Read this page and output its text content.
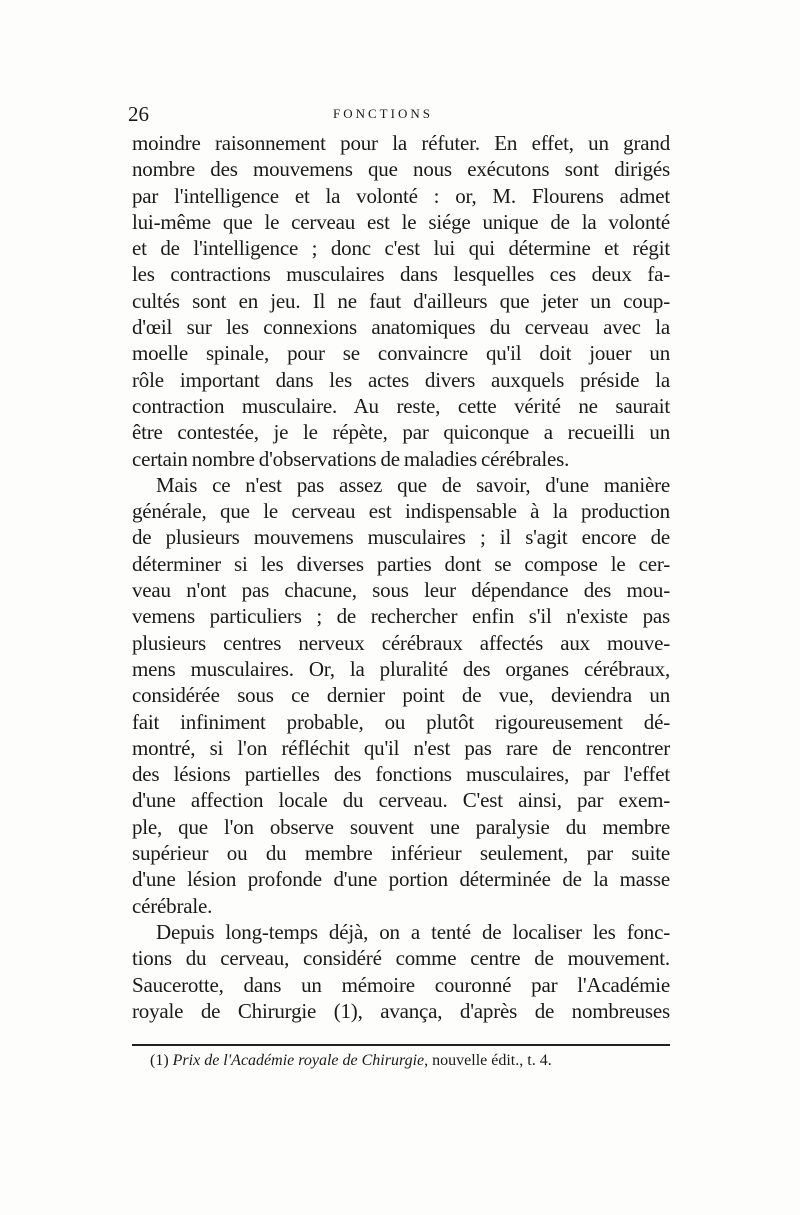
26	FONCTIONS
moindre raisonnement pour la réfuter. En effet, un grand
nombre des mouvemens que nous exécutons sont dirigés
par l'intelligence et la volonté : or, M. Flourens admet
lui-même que le cerveau est le siége unique de la volonté
et de l'intelligence ; donc c'est lui qui détermine et régit
les contractions musculaires dans lesquelles ces deux fa-
cultés sont en jeu. Il ne faut d'ailleurs que jeter un coup-
d'œil sur les connexions anatomiques du cerveau avec la
moelle spinale, pour se convaincre qu'il doit jouer un
rôle important dans les actes divers auxquels préside la
contraction musculaire. Au reste, cette vérité ne saurait
être contestée, je le répète, par quiconque a recueilli un
certain nombre d'observations de maladies cérébrales.
Mais ce n'est pas assez que de savoir, d'une manière
générale, que le cerveau est indispensable à la production
de plusieurs mouvemens musculaires ; il s'agit encore de
déterminer si les diverses parties dont se compose le cer-
veau n'ont pas chacune, sous leur dépendance des mou-
vemens particuliers ; de rechercher enfin s'il n'existe pas
plusieurs centres nerveux cérébraux affectés aux mouve-
mens musculaires. Or, la pluralité des organes cérébraux,
considérée sous ce dernier point de vue, deviendra un
fait infiniment probable, ou plutôt rigoureusement dé-
montré, si l'on réfléchit qu'il n'est pas rare de rencontrer
des lésions partielles des fonctions musculaires, par l'effet
d'une affection locale du cerveau. C'est ainsi, par exem-
ple, que l'on observe souvent une paralysie du membre
supérieur ou du membre inférieur seulement, par suite
d'une lésion profonde d'une portion déterminée de la masse
cérébrale.
Depuis long-temps déjà, on a tenté de localiser les fonc-
tions du cerveau, considéré comme centre de mouvement.
Saucerotte, dans un mémoire couronné par l'Académie
royale de Chirurgie (1), avança, d'après de nombreuses
(1) Prix de l'Académie royale de Chirurgie, nouvelle édit., t. 4.
